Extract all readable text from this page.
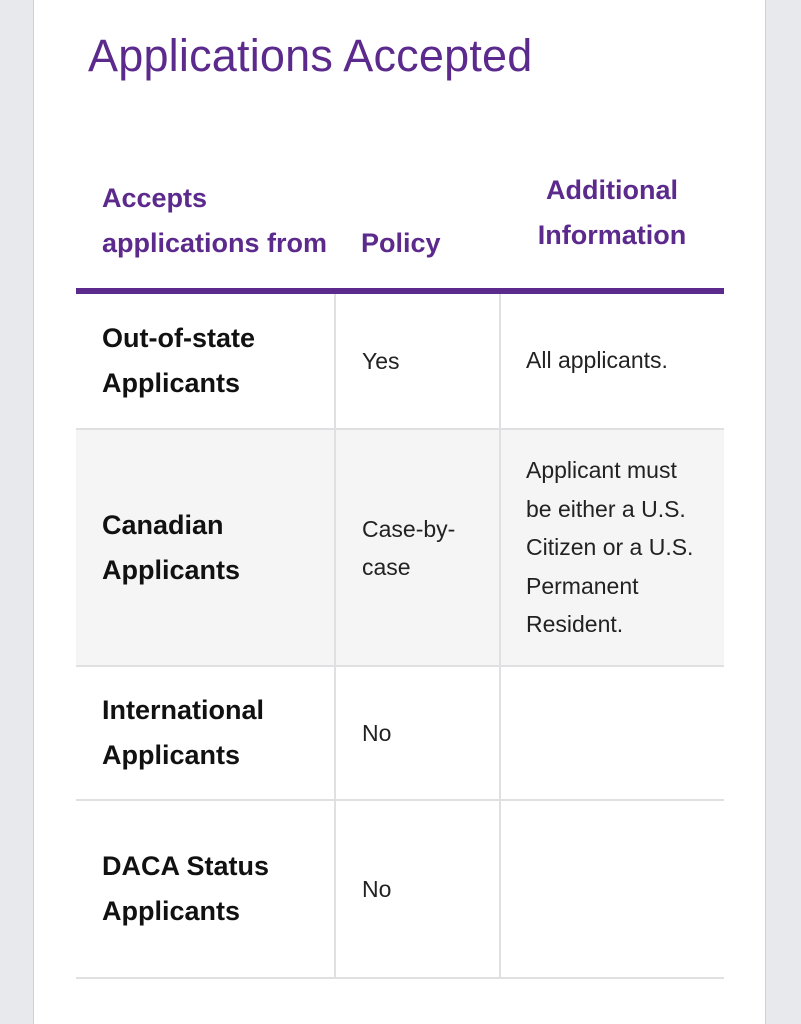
Applications Accepted
Accepts applications from	Policy	Additional Information
Out-of-state Applicants	Yes	All applicants.
Canadian Applicants	Case-by-case	Applicant must be either a U.S. Citizen or a U.S. Permanent Resident.
International Applicants	No	
DACA Status Applicants	No	
